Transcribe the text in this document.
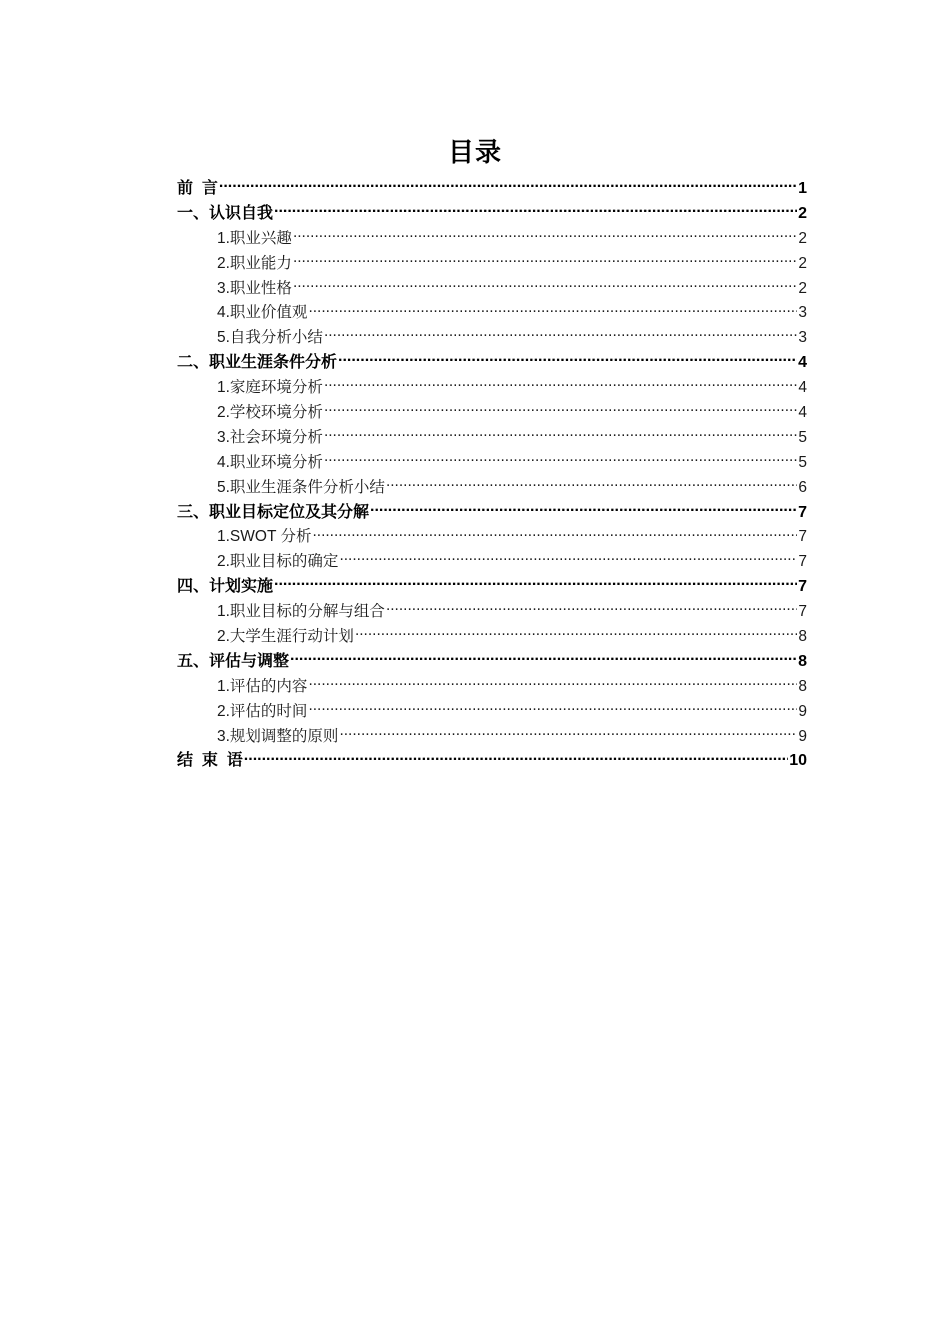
目录
前  言 .....	1
一、认识自我 .....	2
1.职业兴趣 .....	2
2.职业能力 .....	2
3.职业性格 .....	2
4.职业价值观 .....	3
5.自我分析小结 .....	3
二、职业生涯条件分析 .....	4
1.家庭环境分析 .....	4
2.学校环境分析 .....	4
3.社会环境分析 .....	5
4.职业环境分析 .....	5
5.职业生涯条件分析小结 .....	6
三、职业目标定位及其分解 .....	7
1.SWOT 分析 .....	7
2.职业目标的确定 .....	7
四、计划实施 .....	7
1.职业目标的分解与组合 .....	7
2.大学生涯行动计划 .....	8
五、评估与调整 .....	8
1.评估的内容 .....	8
2.评估的时间 .....	9
3.规划调整的原则 .....	9
结  束  语 .....	10
